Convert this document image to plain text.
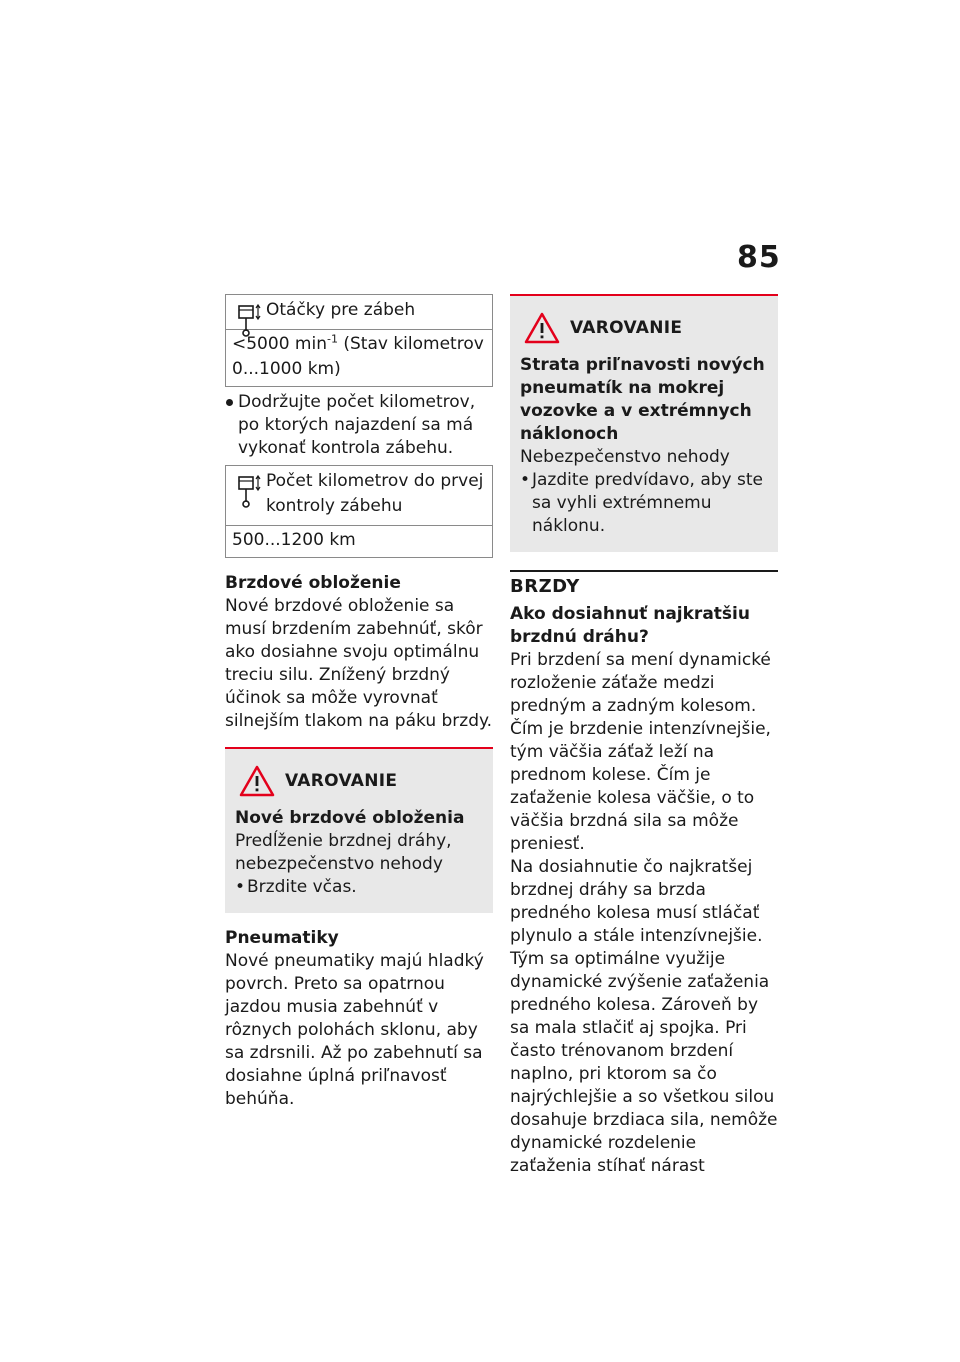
85
Otáčky pre zábeh
<5000 $\min^{-1}$ (Stav kilometrov 0...1000 km)
Dodržujte počet kilometrov, po ktorých najazdení sa má vykonať kontrola zábehu.
Počet kilometrov do prvej kontroly zábehu
500...1200 km
Brzdové obloženie

Nové brzdové obloženie sa musí brzdením zabehnúť, skôr ako dosiahne svoju optimálnu treciu silu. Znížený brzdný účinok sa môže vyrovnať silnejším tlakom na páku brzdy.

VAROVANIE
Nové brzdové obloženia
Predĺženie brzdnej dráhy, nebezpečenstvo nehody
• Brzdite včas.
Pneumatiky

Nové pneumatiky majú hladký povrch. Preto sa opatrnou jazdou musia zabehnúť v rôznych polohách sklonu, aby sa zdrsnili. Až po zabehnutí sa dosiahne úplná priľnavosť behúňa.

VAROVANIE
Strata priľnavosti nových pneumatík na mokrej vozovke a v extrémnych náklonoch
Nebezpečenstvo nehody
• Jazdite predvídavo, aby ste sa vyhli extrémnemu náklonu.
BRZDY
Ako dosiahnuť najkratšiu brzdnú dráhu?

Pri brzdení sa mení dynamické rozloženie záťaže medzi predným a zadným kolesom. Čím je brzdenie intenzívnejšie, tým väčšia záťaž leží na prednom kolese. Čím je zaťaženie kolesa väčšie, o to väčšia brzdná sila sa môže preniesť.

Na dosiahnutie čo najkratšej brzdnej dráhy sa brzda predného kolesa musí stláčať plynulo a stále intenzívnejšie. Tým sa optimálne využije dynamické zvýšenie zaťaženia predného kolesa. Zároveň by sa mala stlačiť aj spojka. Pri často trénovanom brzdení naplno, pri ktorom sa čo najrýchlejšie a so všetkou silou dosahuje brzdiaca sila, nemôže dynamické rozdelenie zaťaženia stíhať nárast
